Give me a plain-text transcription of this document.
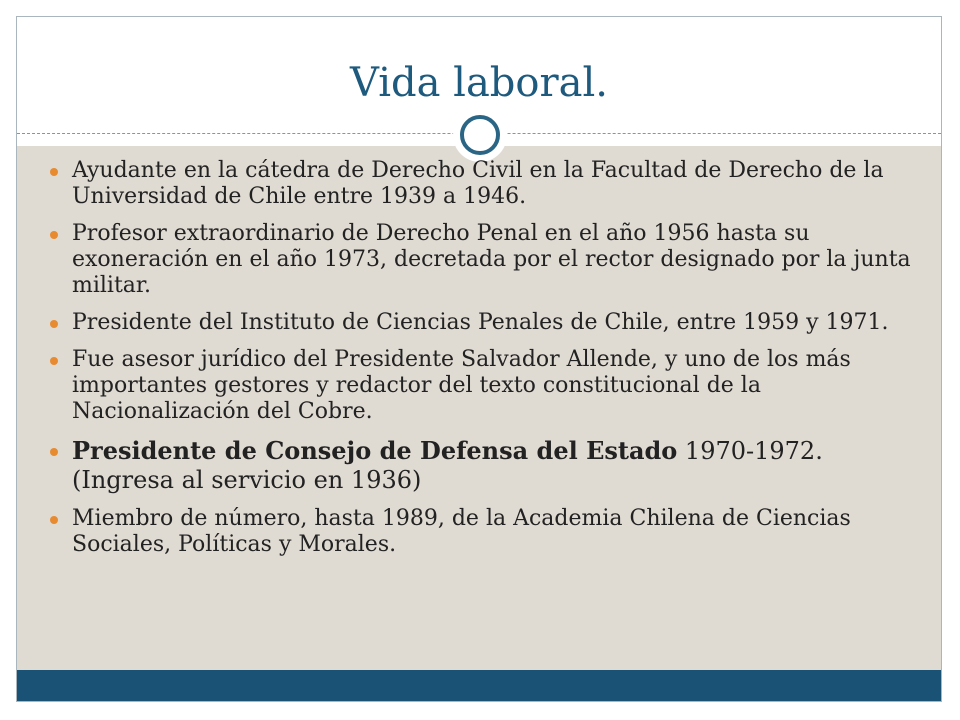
Vida laboral.
Ayudante en la cátedra de Derecho Civil en la Facultad de Derecho de la Universidad de Chile entre 1939 a 1946.
Profesor extraordinario de Derecho Penal en el año 1956 hasta su exoneración en el año 1973, decretada por el rector designado por la junta militar.
Presidente del Instituto de Ciencias Penales de Chile, entre 1959 y 1971.
Fue asesor jurídico del Presidente Salvador Allende, y uno de los más importantes gestores y redactor del texto constitucional de la Nacionalización del Cobre.
Presidente de Consejo de Defensa del Estado 1970-1972. (Ingresa al servicio en 1936)
Miembro de número, hasta 1989, de la Academia Chilena de Ciencias Sociales, Políticas y Morales.
